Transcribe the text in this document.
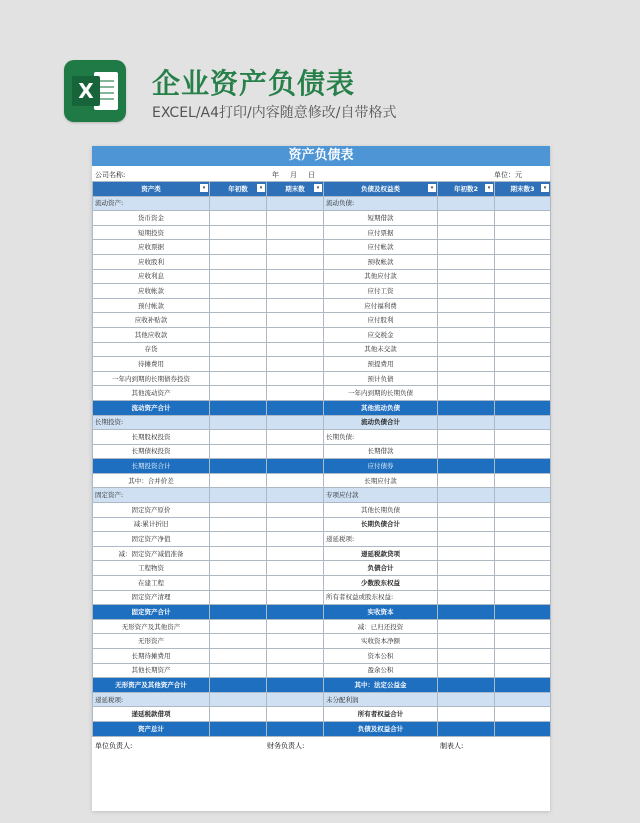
X 企业资产负债表
EXCEL/A4打印/内容随意修改/自带格式
资产负债表
公司名称:	年 月 日	单位：元
资产类 ▾	年初数 ▾	期末数 ▾	负债及权益类 ▾	年初数2 ▾	期末数3 ▾

流动资产:			流动负债:		
货币资金			短期借款		
短期投资			应付票据		
应收票据			应付帐款		
应收股利			预收帐款		
应收利息			其他应付款		
应收帐款			应付工资		
预付帐款			应付福利费		
应收补贴款			应付股利		
其他应收款			应交税金		
存货			其他未交款		
待摊费用			预提费用		
一年内到期的长期债券投资			预计负债		
其他流动资产			一年内到期的长期负债		
流动资产合计			其他流动负债		
长期投资:			流动负债合计		
长期股权投资			长期负债:		
长期债权投资			长期借款		
长期投资合计			应付债券		
其中：合并价差			长期应付款		
固定资产:			专项应付款		
固定资产原价			其他长期负债		
减:累计折旧			长期负债合计		
固定资产净值			递延税项:		
减：固定资产减值准备			递延税款贷项		
工程物资			负债合计		
在建工程			少数股东权益		
固定资产清理			所有者权益或股东权益:		
固定资产合计			实收资本		
无形资产及其他资产			减：已归还投资		
无形资产			实收资本净额		
长期待摊费用			资本公积		
其他长期资产			盈余公积		
无形资产及其他资产合计			其中：法定公益金		
递延税项:			未分配利润		
递延税款借项			所有者权益合计		
资产总计			负债及权益合计		
单位负责人:	财务负责人:	制表人:
